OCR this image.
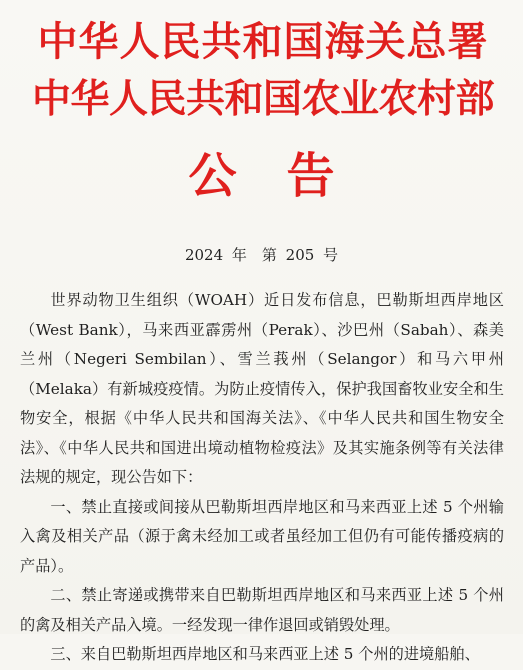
中华人民共和国海关总署
中华人民共和国农业农村部
公告
2024 年　第 205 号

世界动物卫生组织（WOAH）近日发布信息，巴勒斯坦西岸地区（West Bank），马来西亚霹雳州（Perak）、沙巴州（Sabah）、森美兰州（Negeri Sembilan）、雪兰莪州（Selangor）和马六甲州（Melaka）有新城疫疫情。为防止疫情传入，保护我国畜牧业安全和生物安全，根据《中华人民共和国海关法》、《中华人民共和国生物安全法》、《中华人民共和国进出境动植物检疫法》及其实施条例等有关法律法规的规定，现公告如下：

一、禁止直接或间接从巴勒斯坦西岸地区和马来西亚上述 5 个州输入禽及相关产品（源于禽未经加工或者虽经加工但仍有可能传播疫病的产品）。

二、禁止寄递或携带来自巴勒斯坦西岸地区和马来西亚上述 5 个州的禽及相关产品入境。一经发现一律作退回或销毁处理。

三、来自巴勒斯坦西岸地区和马来西亚上述 5 个州的进境船舶、
